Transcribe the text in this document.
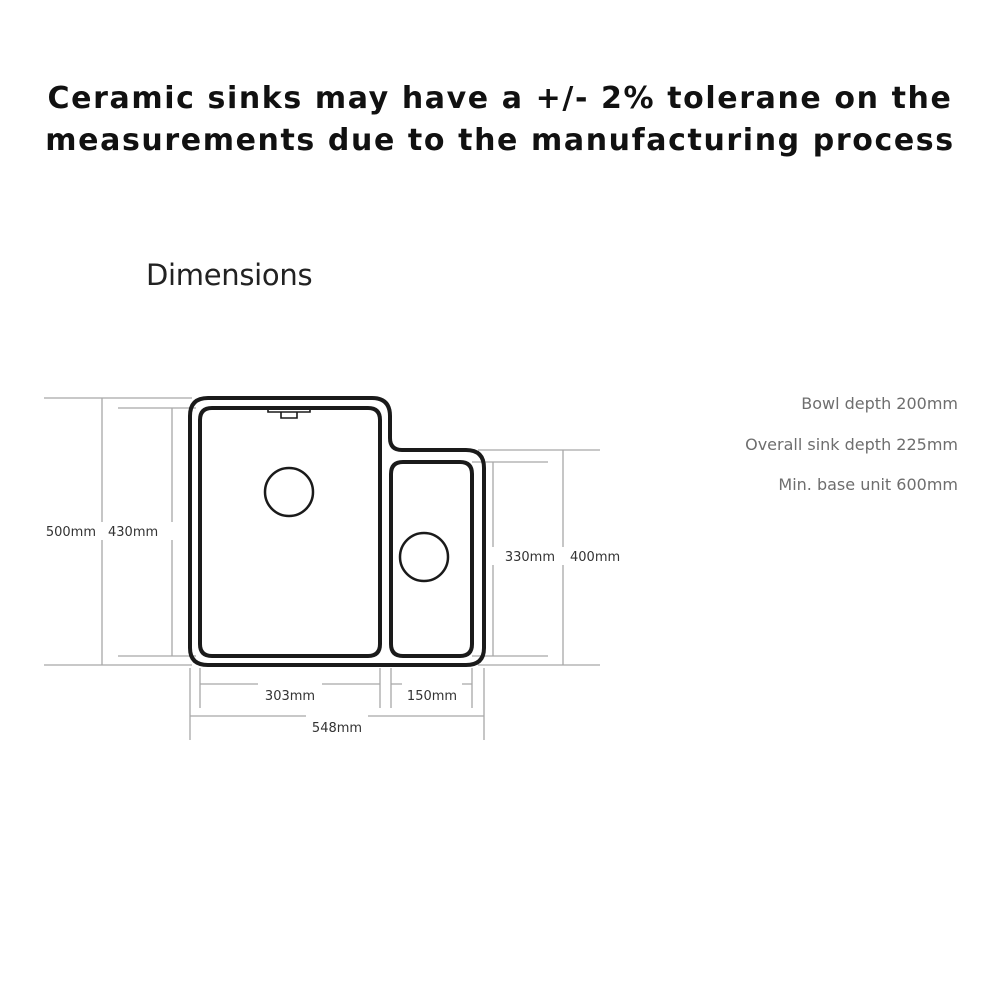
Ceramic sinks may have a +/- 2% tolerane on the
measurements due to the manufacturing process
Dimensions
Bowl depth 200mm
Overall sink depth 225mm
Min. base unit 600mm
500mm 430mm
330mm 400mm
303mm	150mm
548mm
